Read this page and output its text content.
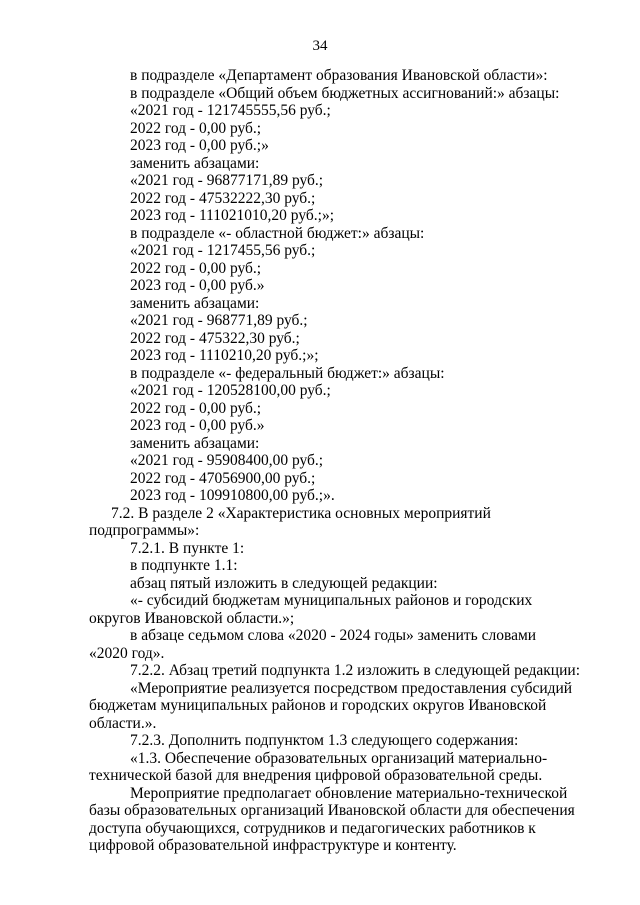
34
в подразделе «Департамент образования Ивановской области»:
в подразделе «Общий объем бюджетных ассигнований:» абзацы:
«2021 год - 121745555,56 руб.;
2022 год - 0,00 руб.;
2023 год - 0,00 руб.;»
заменить абзацами:
«2021 год - 96877171,89 руб.;
2022 год - 47532222,30 руб.;
2023 год - 111021010,20 руб.;»;
в подразделе «- областной бюджет:» абзацы:
«2021 год - 1217455,56 руб.;
2022 год - 0,00 руб.;
2023 год - 0,00 руб.»
заменить абзацами:
«2021 год - 968771,89 руб.;
2022 год - 475322,30 руб.;
2023 год - 1110210,20 руб.;»;
в подразделе «- федеральный бюджет:» абзацы:
«2021 год - 120528100,00 руб.;
2022 год - 0,00 руб.;
2023 год - 0,00 руб.»
заменить абзацами:
«2021 год - 95908400,00 руб.;
2022 год - 47056900,00 руб.;
2023 год - 109910800,00 руб.;».
7.2. В разделе 2 «Характеристика основных мероприятий
подпрограммы»:
7.2.1. В пункте 1:
в подпункте 1.1:
абзац пятый изложить в следующей редакции:
«- субсидий бюджетам муниципальных районов и городских
округов Ивановской области.»;
в абзаце седьмом слова «2020 - 2024 годы» заменить словами
«2020 год».
7.2.2. Абзац третий подпункта 1.2 изложить в следующей редакции:
«Мероприятие реализуется посредством предоставления субсидий
бюджетам муниципальных районов и городских округов Ивановской
области.».
7.2.3. Дополнить подпунктом 1.3 следующего содержания:
«1.3. Обеспечение образовательных организаций материально-
технической базой для внедрения цифровой образовательной среды.
Мероприятие предполагает обновление материально-технической
базы образовательных организаций Ивановской области для обеспечения
доступа обучающихся, сотрудников и педагогических работников к
цифровой образовательной инфраструктуре и контенту.
